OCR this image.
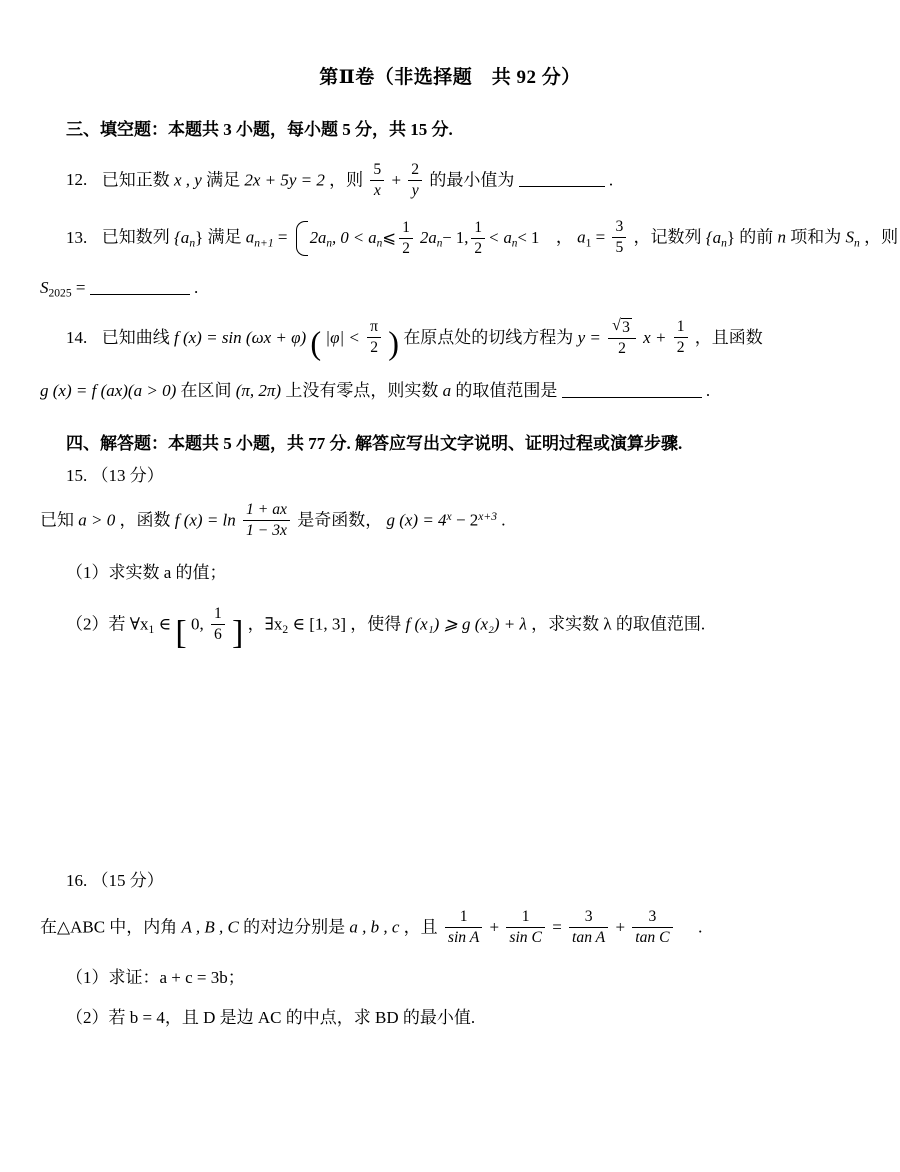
第Ⅱ卷（非选择题　共 92 分）
三、填空题：本题共 3 小题，每小题 5 分，共 15 分.
12. 已知正数 x , y 满足 2x + 5y = 2 ，则 $\frac{5}{x} + \frac{2}{y}$ 的最小值为	.
13. 已知数列 $\{a_n\}$ 满足 $a_{n+1} = 2a_n$, $0 < a_n⩽ \frac{1}{2} 2a_n- 1$, $\frac{1}{2} < a_n< 1$ ， $a_1 = \frac{3}{5}$ ，记数列 $\{a_n\}$ 的前 n 项和为 $S_n$ ，则
$S_{2025}$ =	.
14. 已知曲线 f (x) = sin (ωx + φ) ( $|\varphi| < \frac{\pi}{2}$ ) 在原点处的切线方程为 y = √ $\frac{3}{2}$ $x + \frac{1}{2}$ ，且函数
g (x) = f (ax)(a > 0) 在区间 (π, 2π) 上没有零点，则实数 a 的取值范围是	.
四、解答题：本题共 5 小题，共 77 分. 解答应写出文字说明、证明过程或演算步骤.
15. （13 分）
已知 a > 0 ，函数 f $(x) = \ln \frac{1 + ax}{1 - 3x}$ 是奇函数， g $(x) = 4^x - 2^{x+3}$ .
（1）求实数 a 的值；
（2）若 $\forall x_1$ ∈ [ 0, $\frac{1}{6}$ ] ，$\exists x_2$ ∈ [1, 3] ，使得 f (x₁) ⩾ g (x₂) + λ ，求实数 λ 的取值范围.
16. （15 分）
在△ABC 中，内角 A , B , C 的对边分别是 a , b , c ，且 $\frac{1}{\text{sin A}} + \frac{1}{\text{sin C}} = \frac{3}{\text{tan A}} + \frac{3}{\text{tan C}}$ .
（1）求证：a + c = 3b；
（2）若 b = 4，且 D 是边 AC 的中点，求 BD 的最小值.
